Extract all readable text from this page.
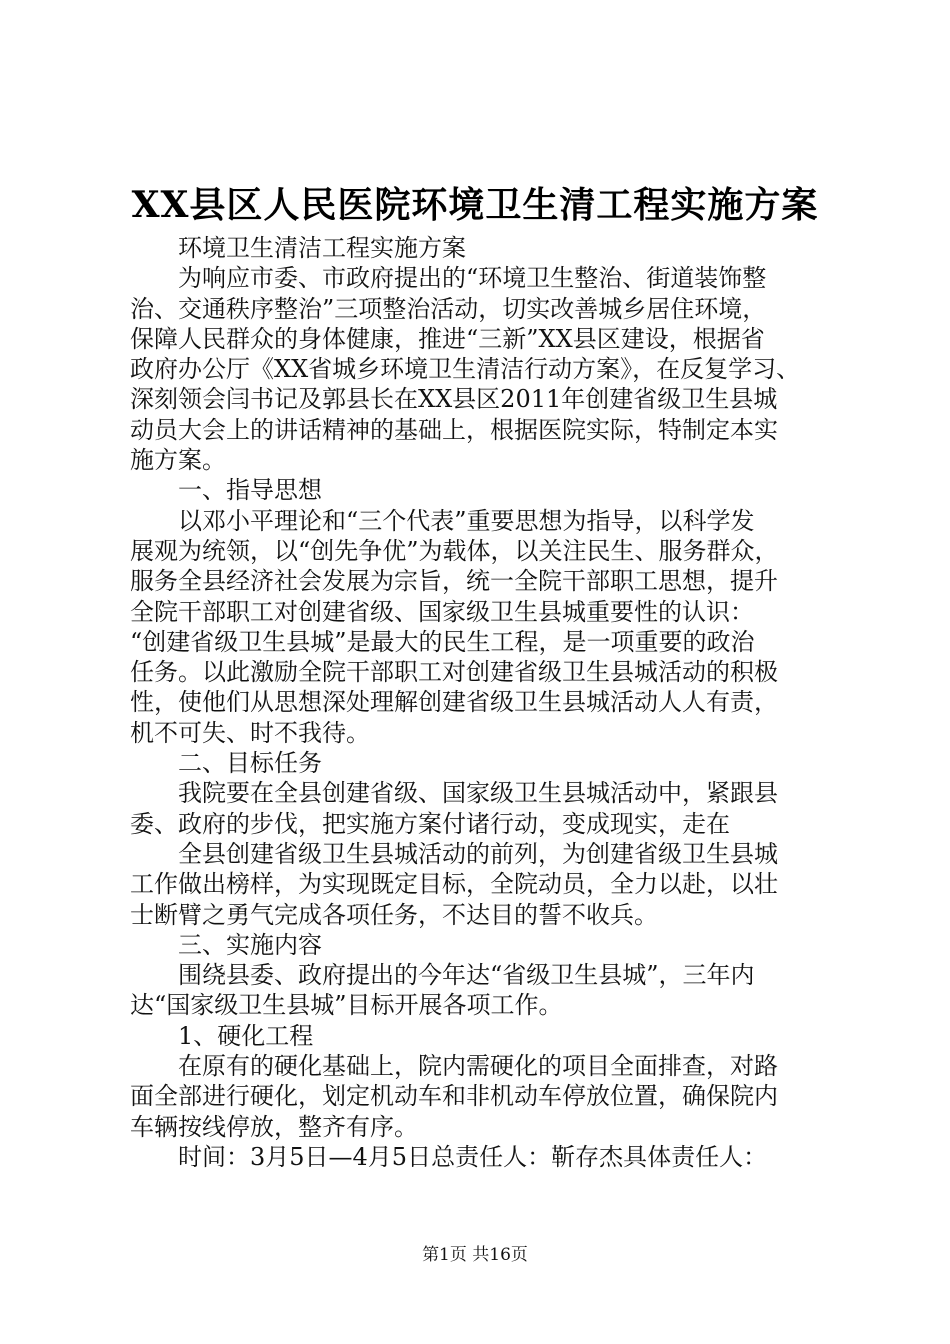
XX县区人民医院环境卫生清工程实施方案

环境卫生清洁工程实施方案

为响应市委、市政府提出的“环境卫生整治、街道装饰整

治、交通秩序整治”三项整治活动，切实改善城乡居住环境，

保障人民群众的身体健康，推进“三新”XX县区建设，根据省

政府办公厅《XX省城乡环境卫生清洁行动方案》，在反复学习、

深刻领会闫书记及郭县长在XX县区2011年创建省级卫生县城

动员大会上的讲话精神的基础上，根据医院实际，特制定本实

施方案。

一、指导思想

以邓小平理论和“三个代表”重要思想为指导，以科学发

展观为统领，以“创先争优”为载体，以关注民生、服务群众，

服务全县经济社会发展为宗旨，统一全院干部职工思想，提升

全院干部职工对创建省级、国家级卫生县城重要性的认识：

“创建省级卫生县城”是最大的民生工程，是一项重要的政治

任务。以此激励全院干部职工对创建省级卫生县城活动的积极

性，使他们从思想深处理解创建省级卫生县城活动人人有责，

机不可失、时不我待。

二、目标任务

我院要在全县创建省级、国家级卫生县城活动中，紧跟县

委、政府的步伐，把实施方案付诸行动，变成现实，走在

全县创建省级卫生县城活动的前列，为创建省级卫生县城

工作做出榜样，为实现既定目标，全院动员，全力以赴，以壮

士断臂之勇气完成各项任务，不达目的誓不收兵。

三、实施内容

围绕县委、政府提出的今年达“省级卫生县城”，三年内

达“国家级卫生县城”目标开展各项工作。

1、硬化工程

在原有的硬化基础上，院内需硬化的项目全面排查，对路

面全部进行硬化，划定机动车和非机动车停放位置，确保院内

车辆按线停放，整齐有序。

时间：3月5日—4月5日总责任人：靳存杰具体责任人：

第1页 共16页
